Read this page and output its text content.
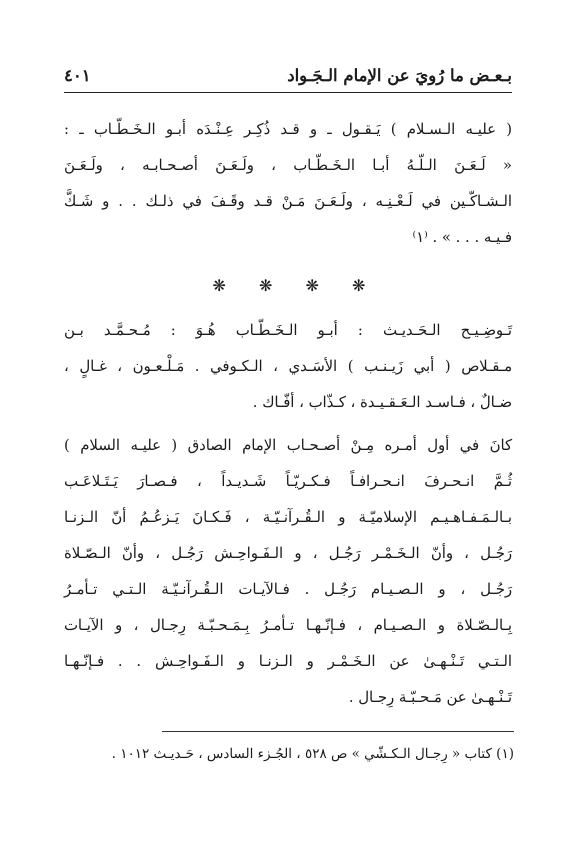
بـعـض ما رُويَ عن الإمام الـجَـواد
٤٠١
( عليـه الـسـلام ) يَـقـول ـ و قـد ذُكِـر عِـنْـدَه أبـو الـخَـطّـاب ـ :
« لَـعَـنَ الـلّـهُ أبـا الـخَـطّـاب ، ولَـعَـنَ أصـحـابـه ، ولَـعَـنَ
الـشـاكّـين في لَـعْـنِـه ، ولَـعَـنَ مَـنْ قـد وقَـفَ في ذلـك . . و شَـكَّ
فـيـه . . . » . ⁽١⁾
❋ ❋ ❋ ❋
تَـوضِـيـح الـحَـديـث : أبـو الـخَـطّـاب هُـوَ : مُـحـمَّـد بـن
مـقـلاص ( أبي زَيـنـب ) الأسَـدي ، الـكـوفي . مَـلْـعـون ، غـالٍ ،
ضـالٌ ، فـاسـد الـعَـقـيـدة ، كـذّاب ، أفّـاك .
كانَ في أول أمـره مِـنْ أصـحـاب الإمام الصادق ( عليـه السلام )
ثُـمَّ انـحـرفَ انـحـرافـاً فـكـريّـاً شَـديـداً ، فـصـارَ يَـتَـلاعَـب
بـالـمَـفـاهـيـم الإسلاميّـة و الـقُـرآنـيّـة ، فَـكـانَ يَـزعُـمُ أنّ الـزنـا
رَجُـل ، وأنّ الـخَـمْـر رَجُـل ، و الـفَـواحِـش رَجُـل ، وأنّ الـصّـلاة
رَجُـل ، و الـصـيـام رَجُـل . فـالآيـات الـقُـرآنـيّـة الـتـي تـأمـرُ
بِـالـصّـلاة و الـصـيـام ، فـإنّـهـا تـأمـرُ بِـمَـحـبّـة رِجـال ، و الآيـات
الـتـي تَـنْـهـىٰ عن الـخَـمْـر و الـزنـا و الـفَـواحِـش . . فـإنّـهـا
تَـنْـهـىٰ عن مَـحـبّـة رِجـال .
(١) كتاب « رِجـال الـكـشّي » ص ٥٢٨ ، الجُـزء السادس ، حَـديـث ١٠١٢ .
